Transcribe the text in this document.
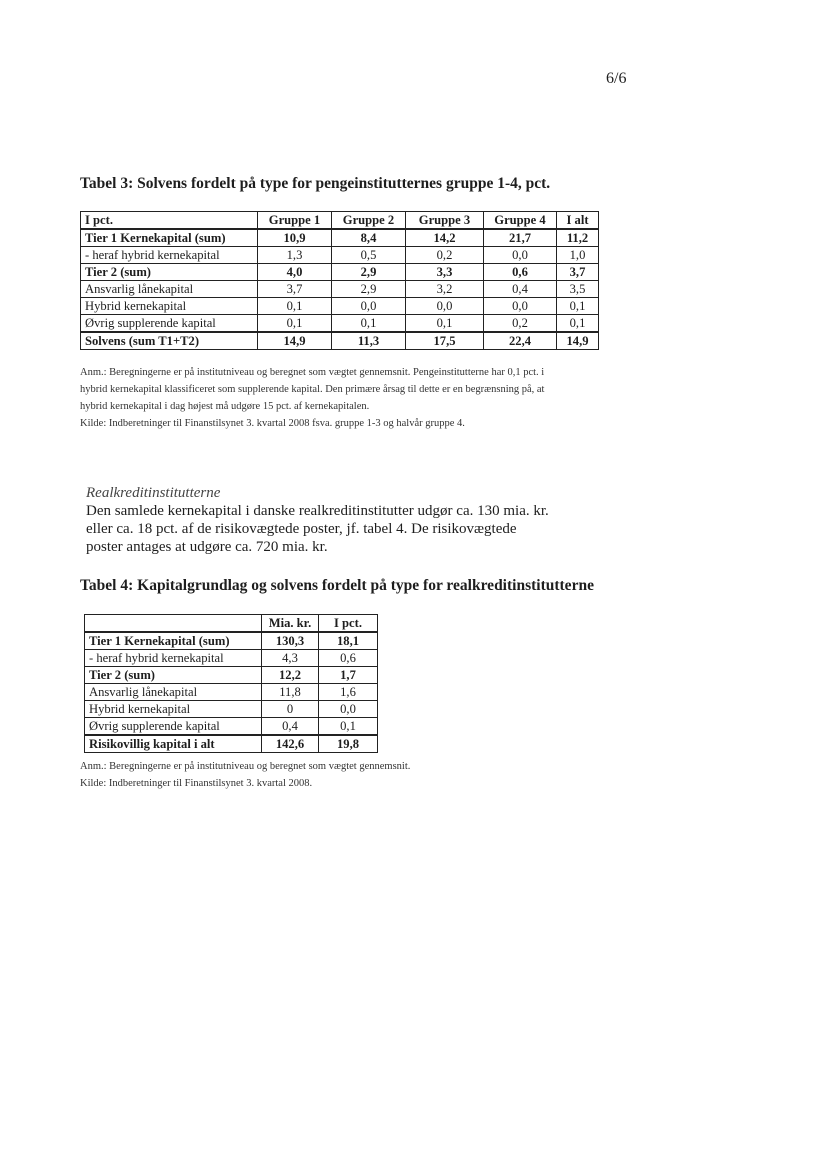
6/6
Tabel 3: Solvens fordelt på type for pengeinstitutternes gruppe 1-4, pct.
I pct.	Gruppe 1	Gruppe 2	Gruppe 3	Gruppe 4	I alt
Tier 1 Kernekapital (sum)	10,9	8,4	14,2	21,7	11,2
- heraf hybrid kernekapital	1,3	0,5	0,2	0,0	1,0
Tier 2 (sum)	4,0	2,9	3,3	0,6	3,7
Ansvarlig lånekapital	3,7	2,9	3,2	0,4	3,5
Hybrid kernekapital	0,1	0,0	0,0	0,0	0,1
Øvrig supplerende kapital	0,1	0,1	0,1	0,2	0,1
Solvens (sum T1+T2)	14,9	11,3	17,5	22,4	14,9

Anm.: Beregningerne er på institutniveau og beregnet som vægtet gennemsnit. Pengeinstitutterne har 0,1 pct. i hybrid kernekapital klassificeret som supplerende kapital. Den primære årsag til dette er en begrænsning på, at hybrid kernekapital i dag højest må udgøre 15 pct. af kernekapitalen.

Kilde: Indberetninger til Finanstilsynet 3. kvartal 2008 fsva. gruppe 1-3 og halvår gruppe 4.

Realkreditinstitutterne

Den samlede kernekapital i danske realkreditinstitutter udgør ca. 130 mia. kr. eller ca. 18 pct. af de risikovægtede poster, jf. tabel 4. De risikovægtede poster antages at udgøre ca. 720 mia. kr.

Tabel 4: Kapitalgrundlag og solvens fordelt på type for realkreditinstitutterne
	Mia. kr.	I pct.
Tier 1 Kernekapital (sum)	130,3	18,1
- heraf hybrid kernekapital	4,3	0,6
Tier 2 (sum)	12,2	1,7
Ansvarlig lånekapital	11,8	1,6
Hybrid kernekapital	0	0,0
Øvrig supplerende kapital	0,4	0,1
Risikovillig kapital i alt	142,6	19,8

Anm.: Beregningerne er på institutniveau og beregnet som vægtet gennemsnit.

Kilde: Indberetninger til Finanstilsynet 3. kvartal 2008.
